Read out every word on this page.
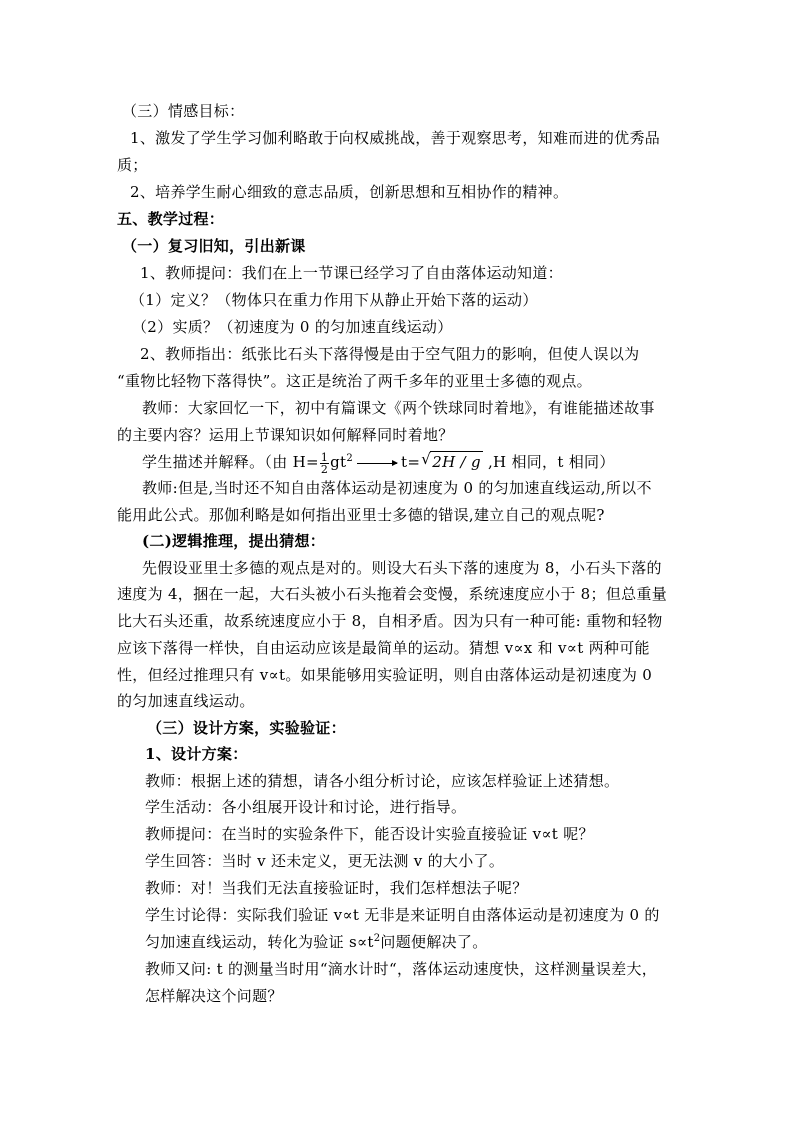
（三）情感目标：
1、激发了学生学习伽利略敢于向权威挑战，善于观察思考，知难而进的优秀品
质；
2、培养学生耐心细致的意志品质，创新思想和互相协作的精神。
五、教学过程：
（一）复习旧知，引出新课
1、教师提问：我们在上一节课已经学习了自由落体运动知道：
（1）定义？（物体只在重力作用下从静止开始下落的运动）
（2）实质？（初速度为 0 的匀加速直线运动）
2、教师指出：纸张比石头下落得慢是由于空气阻力的影响，但使人误以为
“重物比轻物下落得快”。这正是统治了两千多年的亚里士多德的观点。
教师：大家回忆一下，初中有篇课文《两个铁球同时着地》，有谁能描述故事
的主要内容？运用上节课知识如何解释同时着地？
学生描述并解释。（由 $H= \frac{1}{2} gt^2$	t=√ 2H / g ,H 相同，t 相同）
教师:但是,当时还不知自由落体运动是初速度为 0 的匀加速直线运动,所以不
能用此公式。那伽利略是如何指出亚里士多德的错误,建立自己的观点呢?
(二)逻辑推理，提出猜想：
先假设亚里士多德的观点是对的。则设大石头下落的速度为 8，小石头下落的
速度为 4，捆在一起，大石头被小石头拖着会变慢，系统速度应小于 8；但总重量
比大石头还重，故系统速度应小于 8，自相矛盾。因为只有一种可能: 重物和轻物
应该下落得一样快，自由运动应该是最简单的运动。猜想 v∝x 和 v∝t 两种可能
性，但经过推理只有 v∝t。如果能够用实验证明，则自由落体运动是初速度为 0
的匀加速直线运动。
（三）设计方案，实验验证：
1、设计方案：
教师：根据上述的猜想，请各小组分析讨论，应该怎样验证上述猜想。
学生活动：各小组展开设计和讨论，进行指导。
教师提问：在当时的实验条件下，能否设计实验直接验证 v∝t 呢？
学生回答：当时 v 还未定义，更无法测 v 的大小了。
教师：对！当我们无法直接验证时，我们怎样想法子呢？
学生讨论得：实际我们验证 v∝t 无非是来证明自由落体运动是初速度为 0 的
匀加速直线运动，转化为验证 $s\propto t^2$问题便解决了。
教师又问: t 的测量当时用“滴水计时“，落体运动速度快，这样测量误差大，
怎样解决这个问题？
